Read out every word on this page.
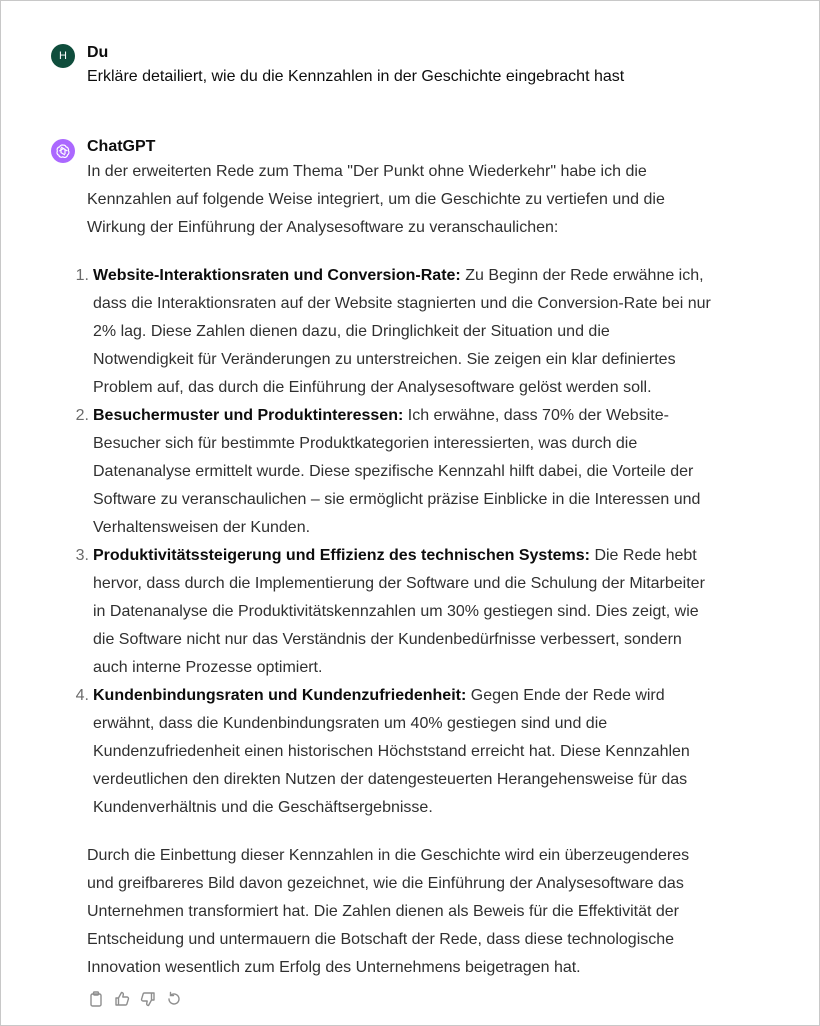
H Du
Erkläre detailiert, wie du die Kennzahlen in der Geschichte eingebracht hast
ChatGPT

In der erweiterten Rede zum Thema "Der Punkt ohne Wiederkehr" habe ich die Kennzahlen auf folgende Weise integriert, um die Geschichte zu vertiefen und die Wirkung der Einführung der Analysesoftware zu veranschaulichen:

1. Website-Interaktionsraten und Conversion-Rate: Zu Beginn der Rede erwähne ich, dass die Interaktionsraten auf der Website stagnierten und die Conversion-Rate bei nur 2% lag. Diese Zahlen dienen dazu, die Dringlichkeit der Situation und die Notwendigkeit für Veränderungen zu unterstreichen. Sie zeigen ein klar definiertes Problem auf, das durch die Einführung der Analysesoftware gelöst werden soll.
2. Besuchermuster und Produktinteressen: Ich erwähne, dass 70% der Website-Besucher sich für bestimmte Produktkategorien interessierten, was durch die Datenanalyse ermittelt wurde. Diese spezifische Kennzahl hilft dabei, die Vorteile der Software zu veranschaulichen – sie ermöglicht präzise Einblicke in die Interessen und Verhaltensweisen der Kunden.
3. Produktivitätssteigerung und Effizienz des technischen Systems: Die Rede hebt hervor, dass durch die Implementierung der Software und die Schulung der Mitarbeiter in Datenanalyse die Produktivitätskennzahlen um 30% gestiegen sind. Dies zeigt, wie die Software nicht nur das Verständnis der Kundenbedürfnisse verbessert, sondern auch interne Prozesse optimiert.
4. Kundenbindungsraten und Kundenzufriedenheit: Gegen Ende der Rede wird erwähnt, dass die Kundenbindungsraten um 40% gestiegen sind und die Kundenzufriedenheit einen historischen Höchststand erreicht hat. Diese Kennzahlen verdeutlichen den direkten Nutzen der datengesteuerten Herangehensweise für das Kundenverhältnis und die Geschäftsergebnisse.

Durch die Einbettung dieser Kennzahlen in die Geschichte wird ein überzeugenderes und greifbareres Bild davon gezeichnet, wie die Einführung der Analysesoftware das Unternehmen transformiert hat. Die Zahlen dienen als Beweis für die Effektivität der Entscheidung und untermauern die Botschaft der Rede, dass diese technologische Innovation wesentlich zum Erfolg des Unternehmens beigetragen hat.
